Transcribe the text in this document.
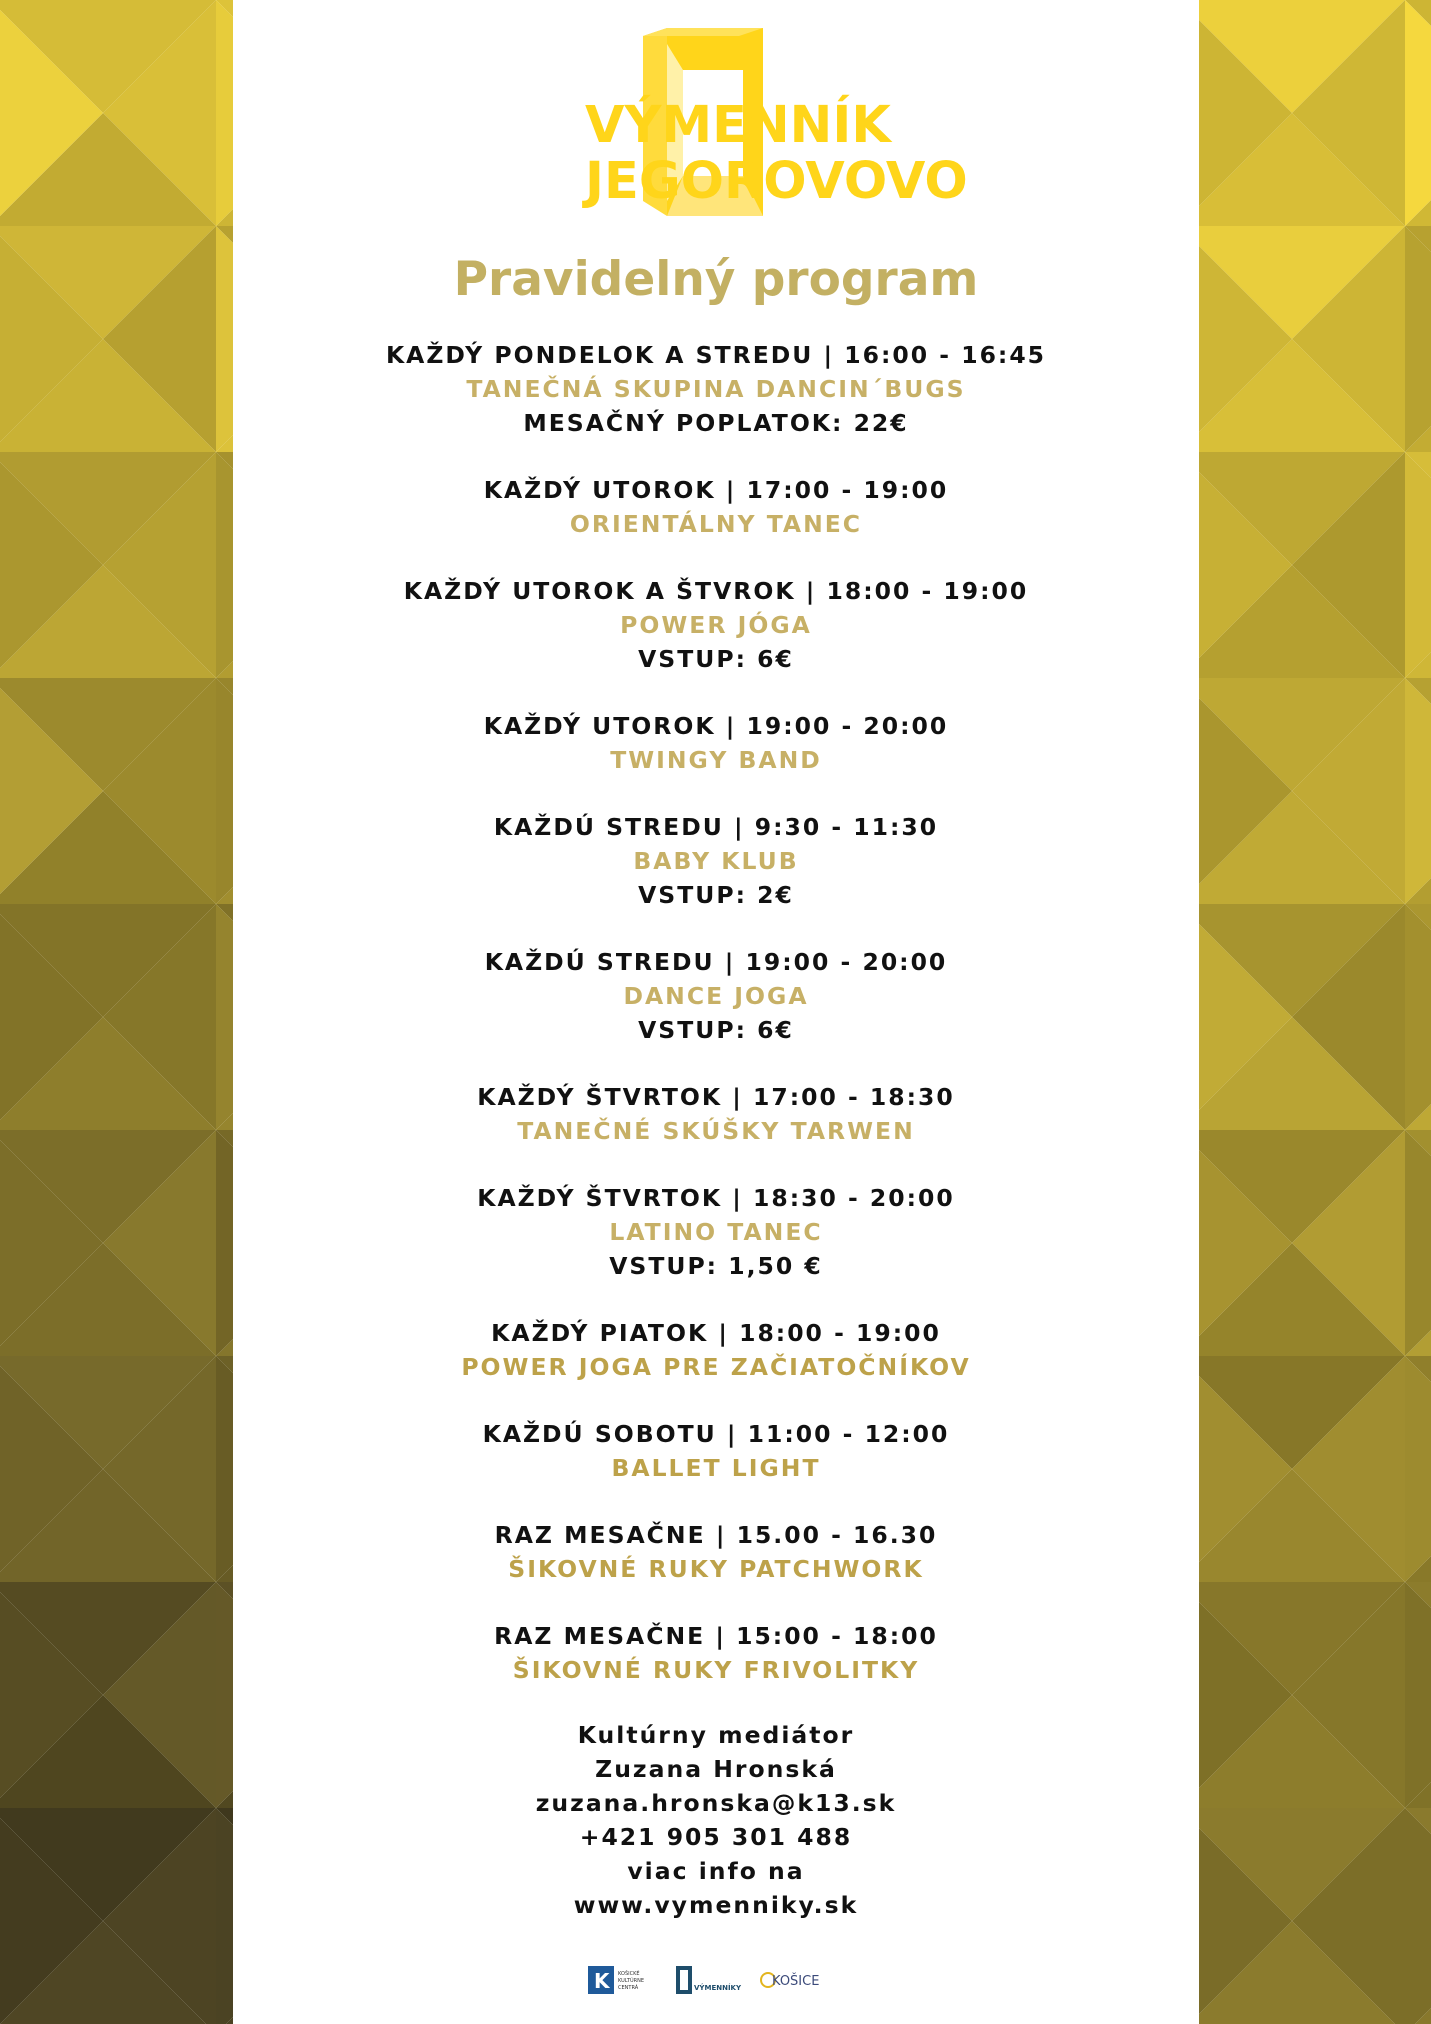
VÝMENNÍK
JEGOROVOVO
Pravidelný program
KAŽDÝ PONDELOK A STREDU | 16:00 - 16:45
TANEČNÁ SKUPINA DANCIN´BUGS
MESAČNÝ POPLATOK: 22€
KAŽDÝ UTOROK | 17:00 - 19:00
ORIENTÁLNY TANEC
KAŽDÝ UTOROK A ŠTVROK | 18:00 - 19:00
POWER JÓGA
VSTUP: 6€
KAŽDÝ UTOROK | 19:00 - 20:00
TWINGY BAND
KAŽDÚ STREDU | 9:30 - 11:30
BABY KLUB
VSTUP: 2€
KAŽDÚ STREDU | 19:00 - 20:00
DANCE JOGA
VSTUP: 6€
KAŽDÝ ŠTVRTOK | 17:00 - 18:30
TANEČNÉ SKÚŠKY TARWEN
KAŽDÝ ŠTVRTOK | 18:30 - 20:00
LATINO TANEC
VSTUP: 1,50 €
KAŽDÝ PIATOK | 18:00 - 19:00
POWER JOGA PRE ZAČIATOČNÍKOV
KAŽDÚ SOBOTU | 11:00 - 12:00
BALLET LIGHT
RAZ MESAČNE | 15.00 - 16.30
ŠIKOVNÉ RUKY PATCHWORK
RAZ MESAČNE | 15:00 - 18:00
ŠIKOVNÉ RUKY FRIVOLITKY
Kultúrny mediátor
Zuzana Hronská
zuzana.hronska@k13.sk
+421 905 301 488
viac info na
www.vymenniky.sk
K	KOŠICKÉ
KULTÚRNE
CENTRÁ	VÝMENNÍKY KOŠICE
